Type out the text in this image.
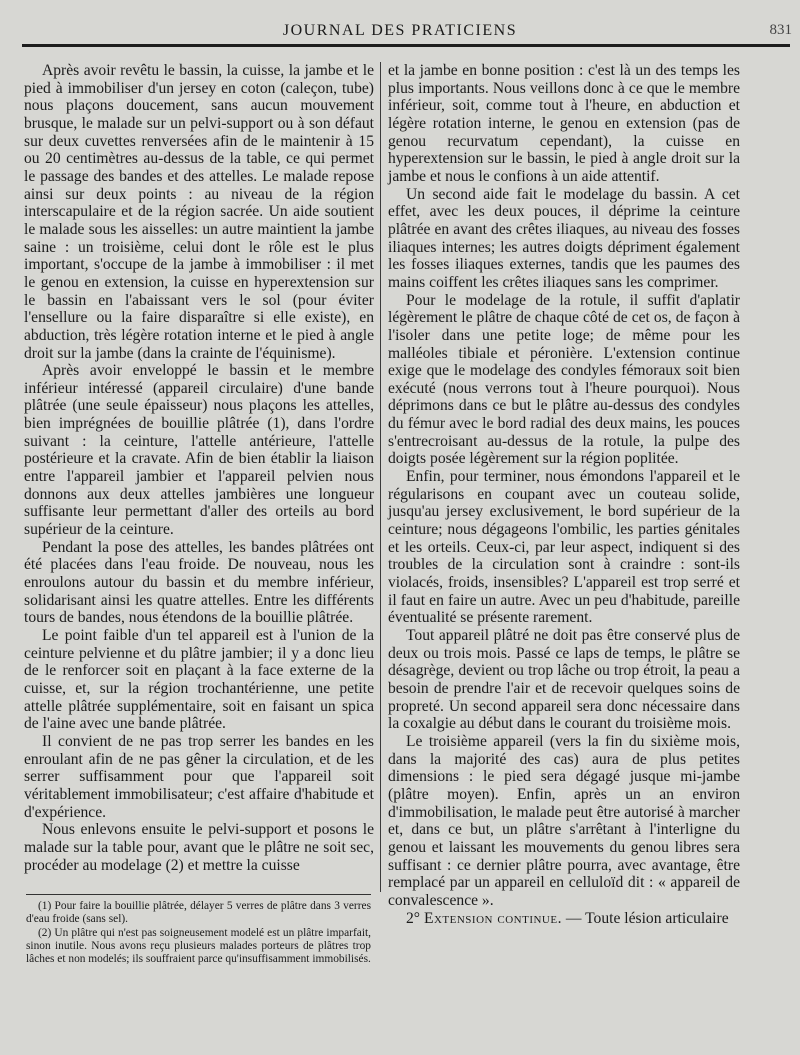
JOURNAL DES PRATICIENS	831

Après avoir revêtu le bassin, la cuisse, la jambe et le pied à immobiliser d'un jersey en coton (caleçon, tube) nous plaçons doucement, sans aucun mouvement brusque, le malade sur un pelvi-support ou à son défaut sur deux cuvettes renversées afin de le maintenir à 15 ou 20 centimètres au-dessus de la table, ce qui permet le passage des bandes et des attelles. Le malade repose ainsi sur deux points : au niveau de la région interscapulaire et de la région sacrée. Un aide soutient le malade sous les aisselles: un autre maintient la jambe saine : un troisième, celui dont le rôle est le plus important, s'occupe de la jambe à immobiliser : il met le genou en extension, la cuisse en hyperextension sur le bassin en l'abaissant vers le sol (pour éviter l'ensellure ou la faire disparaître si elle existe), en abduction, très légère rotation interne et le pied à angle droit sur la jambe (dans la crainte de l'équinisme).

Après avoir enveloppé le bassin et le membre inférieur intéressé (appareil circulaire) d'une bande plâtrée (une seule épaisseur) nous plaçons les attelles, bien imprégnées de bouillie plâtrée (1), dans l'ordre suivant : la ceinture, l'attelle antérieure, l'attelle postérieure et la cravate. Afin de bien établir la liaison entre l'appareil jambier et l'appareil pelvien nous donnons aux deux attelles jambières une longueur suffisante leur permettant d'aller des orteils au bord supérieur de la ceinture.

Pendant la pose des attelles, les bandes plâtrées ont été placées dans l'eau froide. De nouveau, nous les enroulons autour du bassin et du membre inférieur, solidarisant ainsi les quatre attelles. Entre les différents tours de bandes, nous étendons de la bouillie plâtrée.

Le point faible d'un tel appareil est à l'union de la ceinture pelvienne et du plâtre jambier; il y a donc lieu de le renforcer soit en plaçant à la face externe de la cuisse, et, sur la région trochantérienne, une petite attelle plâtrée supplémentaire, soit en faisant un spica de l'aine avec une bande plâtrée.

Il convient de ne pas trop serrer les bandes en les enroulant afin de ne pas gêner la circulation, et de les serrer suffisamment pour que l'appareil soit véritablement immobilisateur; c'est affaire d'habitude et d'expérience.

Nous enlevons ensuite le pelvi-support et posons le malade sur la table pour, avant que le plâtre ne soit sec, procéder au modelage (2) et mettre la cuisse

et la jambe en bonne position : c'est là un des temps les plus importants. Nous veillons donc à ce que le membre inférieur, soit, comme tout à l'heure, en abduction et légère rotation interne, le genou en extension (pas de genou recurvatum cependant), la cuisse en hyperextension sur le bassin, le pied à angle droit sur la jambe et nous le confions à un aide attentif.

Un second aide fait le modelage du bassin. A cet effet, avec les deux pouces, il déprime la ceinture plâtrée en avant des crêtes iliaques, au niveau des fosses iliaques internes; les autres doigts dépriment également les fosses iliaques externes, tandis que les paumes des mains coiffent les crêtes iliaques sans les comprimer.

Pour le modelage de la rotule, il suffit d'aplatir légèrement le plâtre de chaque côté de cet os, de façon à l'isoler dans une petite loge; de même pour les malléoles tibiale et péronière. L'extension continue exige que le modelage des condyles fémoraux soit bien exécuté (nous verrons tout à l'heure pourquoi). Nous déprimons dans ce but le plâtre au-dessus des condyles du fémur avec le bord radial des deux mains, les pouces s'entrecroisant au-dessus de la rotule, la pulpe des doigts posée légèrement sur la région poplitée.

Enfin, pour terminer, nous émondons l'appareil et le régularisons en coupant avec un couteau solide, jusqu'au jersey exclusivement, le bord supérieur de la ceinture; nous dégageons l'ombilic, les parties génitales et les orteils. Ceux-ci, par leur aspect, indiquent si des troubles de la circulation sont à craindre : sont-ils violacés, froids, insensibles? L'appareil est trop serré et il faut en faire un autre. Avec un peu d'habitude, pareille éventualité se présente rarement.

Tout appareil plâtré ne doit pas être conservé plus de deux ou trois mois. Passé ce laps de temps, le plâtre se désagrège, devient ou trop lâche ou trop étroit, la peau a besoin de prendre l'air et de recevoir quelques soins de propreté. Un second appareil sera donc nécessaire dans la coxalgie au début dans le courant du troisième mois.

Le troisième appareil (vers la fin du sixième mois, dans la majorité des cas) aura de plus petites dimensions : le pied sera dégagé jusque mi-jambe (plâtre moyen). Enfin, après un an environ d'immobilisation, le malade peut être autorisé à marcher et, dans ce but, un plâtre s'arrêtant à l'interligne du genou et laissant les mouvements du genou libres sera suffisant : ce dernier plâtre pourra, avec avantage, être remplacé par un appareil en celluloïd dit : « appareil de convalescence ».

2° Extension continue. — Toute lésion articulaire

(1) Pour faire la bouillie plâtrée, délayer 5 verres de plâtre dans 3 verres d'eau froide (sans sel).

(2) Un plâtre qui n'est pas soigneusement modelé est un plâtre imparfait, sinon inutile. Nous avons reçu plusieurs malades porteurs de plâtres trop lâches et non modelés; ils souffraient parce qu'insuffisamment immobilisés.
